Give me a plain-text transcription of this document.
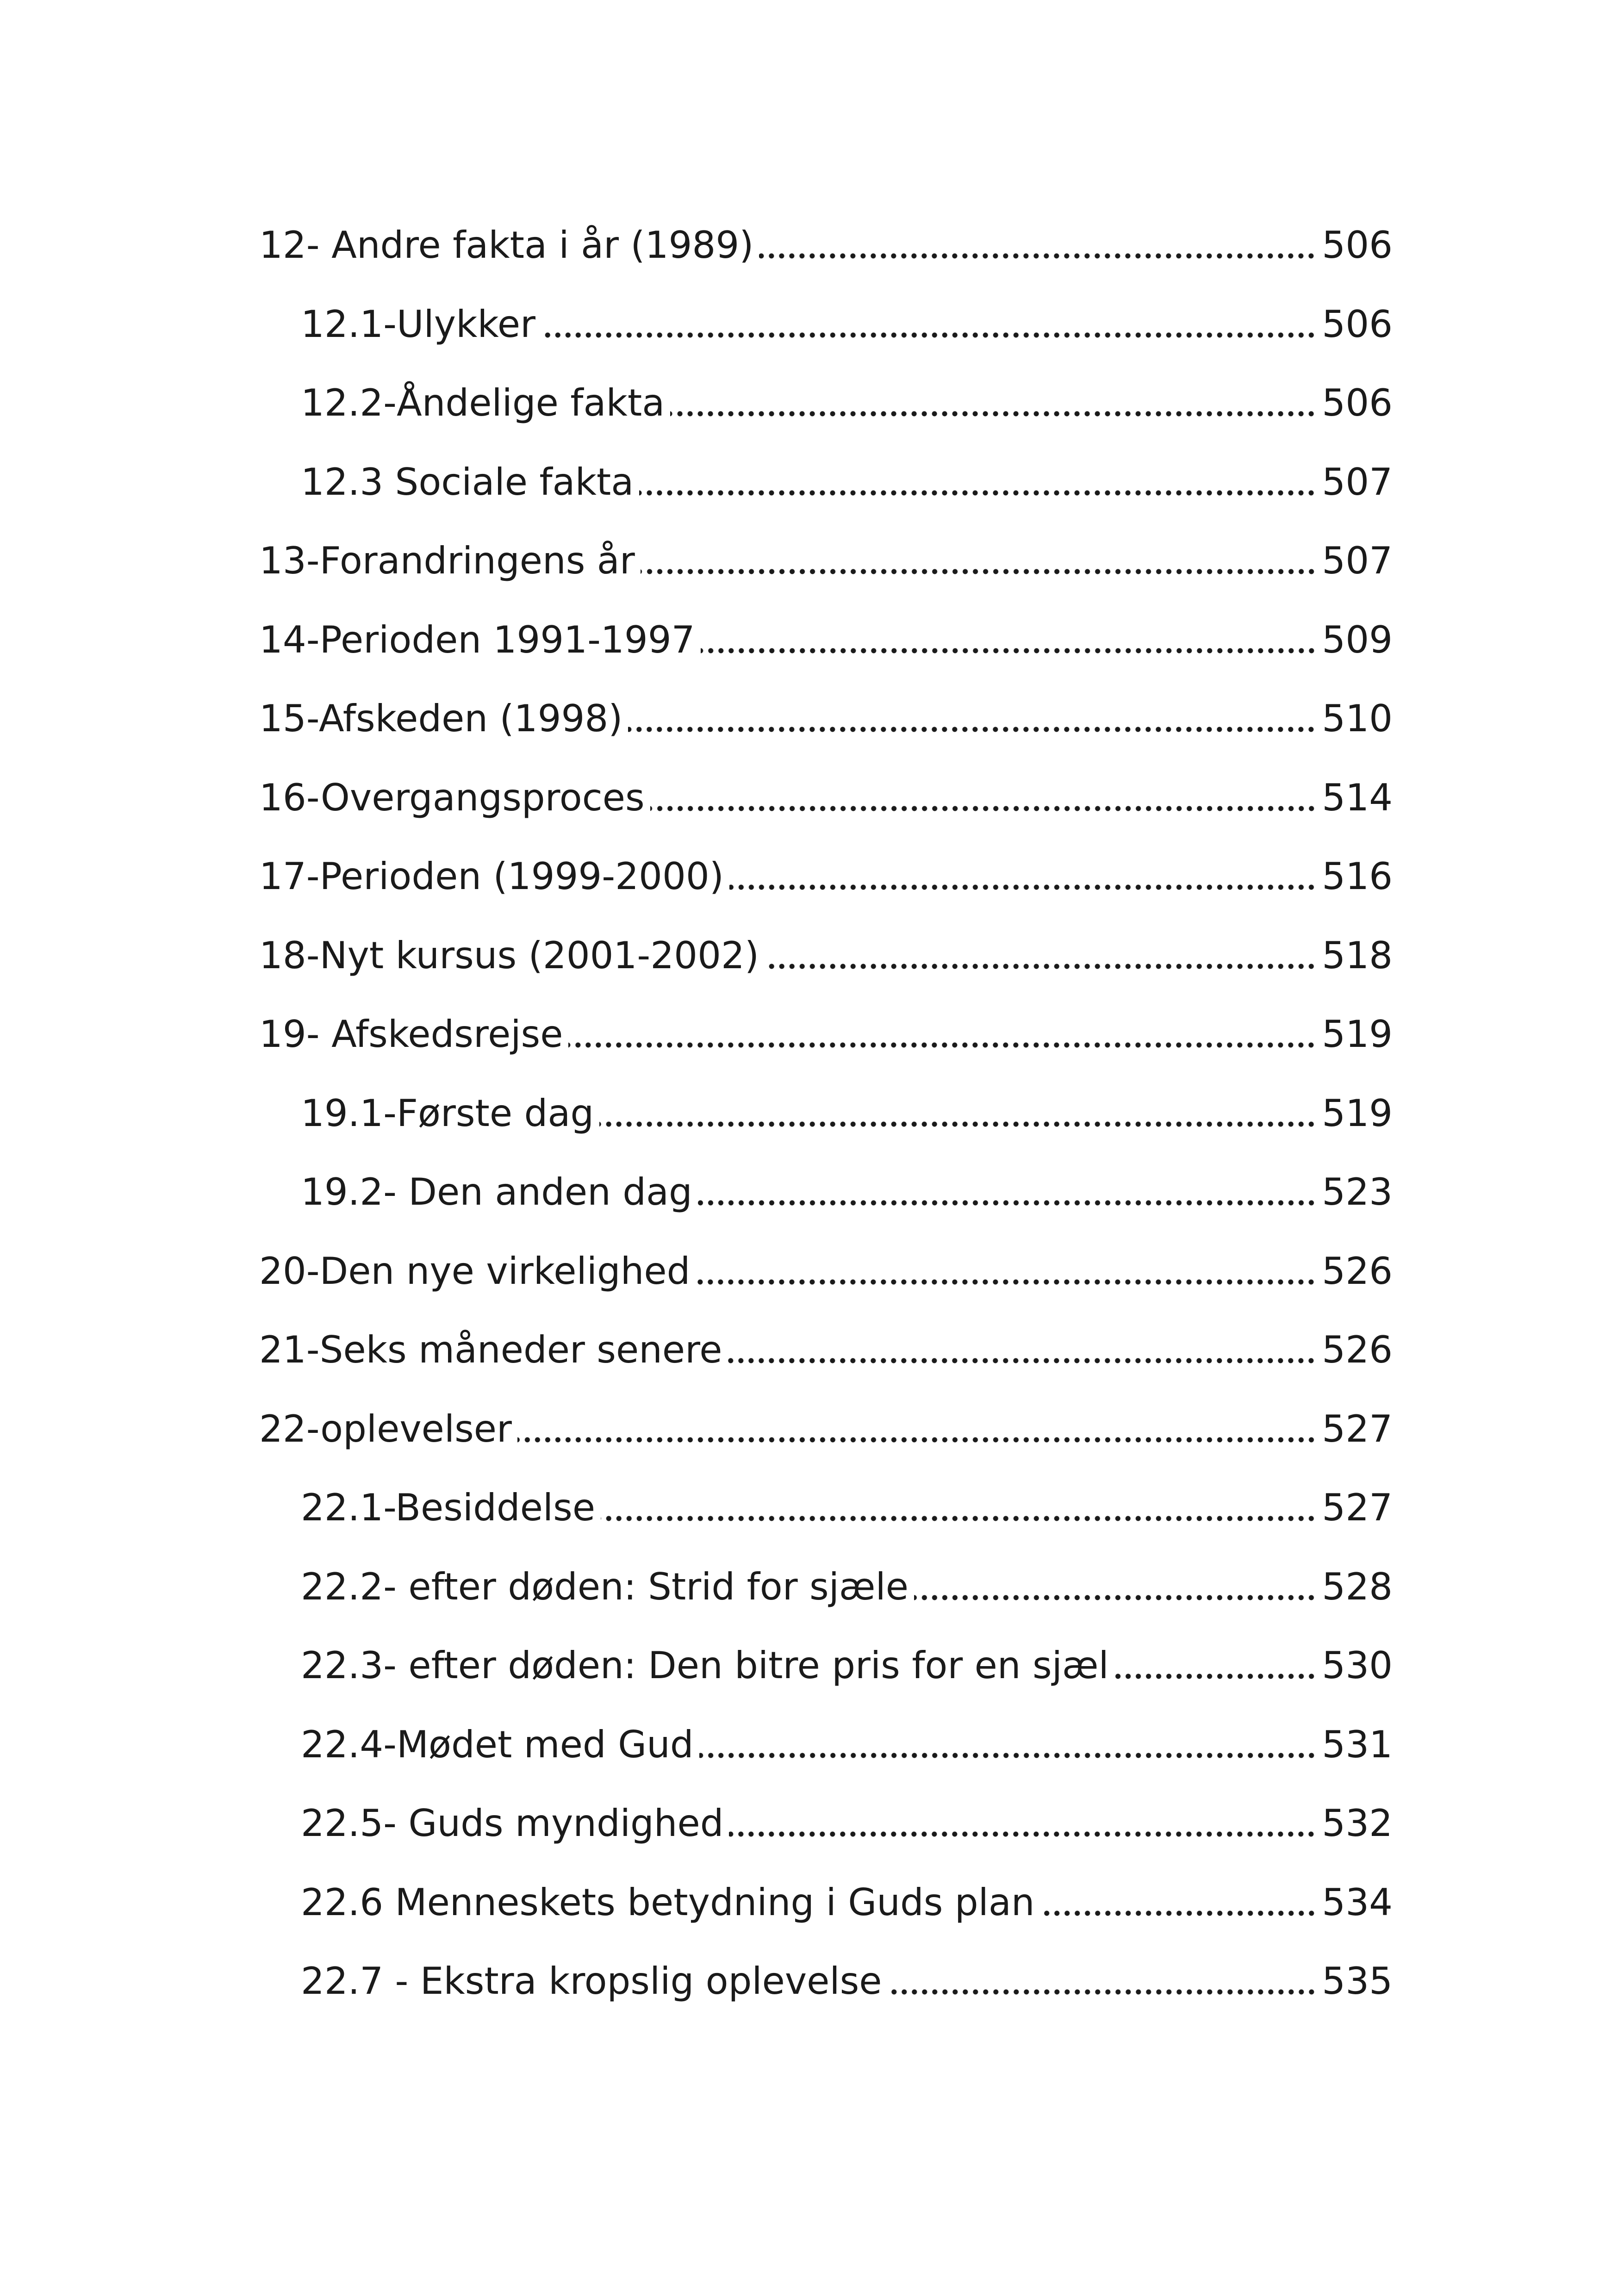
12- Andre fakta i år (1989)	506
12.1-Ulykker	506
12.2-Åndelige fakta	506
12.3 Sociale fakta	507
13-Forandringens år	507
14-Perioden 1991-1997	509
15-Afskeden (1998)	510
16-Overgangsproces	514
17-Perioden (1999-2000)	516
18-Nyt kursus (2001-2002)	518
19- Afskedsrejse	519
19.1-Første dag	519
19.2- Den anden dag	523
20-Den nye virkelighed	526
21-Seks måneder senere	526
22-oplevelser	527
22.1-Besiddelse	527
22.2- efter døden: Strid for sjæle	528
22.3- efter døden: Den bitre pris for en sjæl	530
22.4-Mødet med Gud	531
22.5- Guds myndighed	532
22.6 Menneskets betydning i Guds plan	534
22.7 - Ekstra kropslig oplevelse	535
